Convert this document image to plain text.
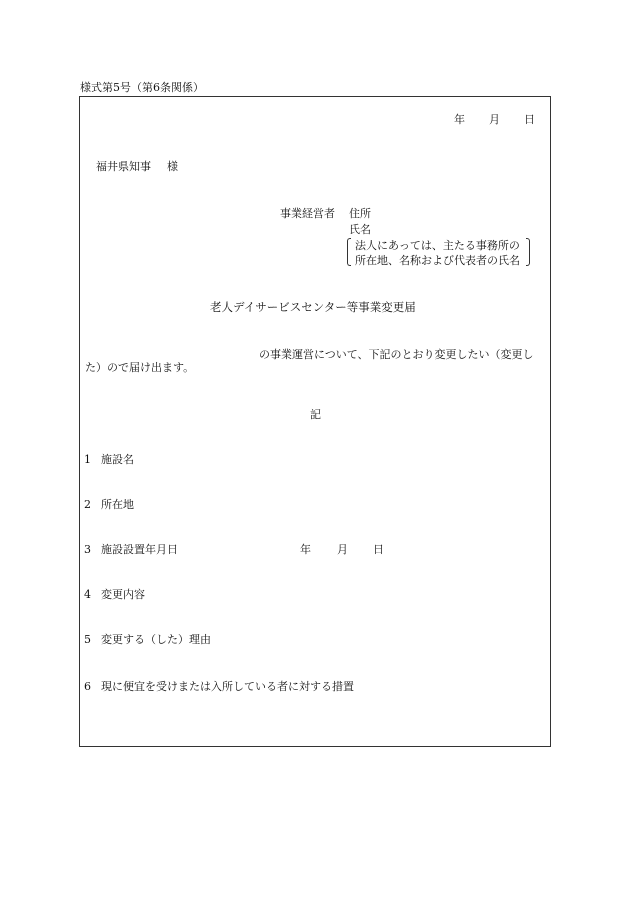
様式第5号（第6条関係）
年 月 日
福井県知事 様
事業経営者 住所
氏名
法人にあっては、主たる事務所の
所在地、名称および代表者の氏名
老人デイサービスセンター等事業変更届
の事業運営について、下記のとおり変更したい（変更し
た）ので届け出ます。
記
1 施設名
2 所在地
3 施設設置年月日	年 月 日
4 変更内容
5 変更する（した）理由
6 現に便宜を受けまたは入所している者に対する措置
